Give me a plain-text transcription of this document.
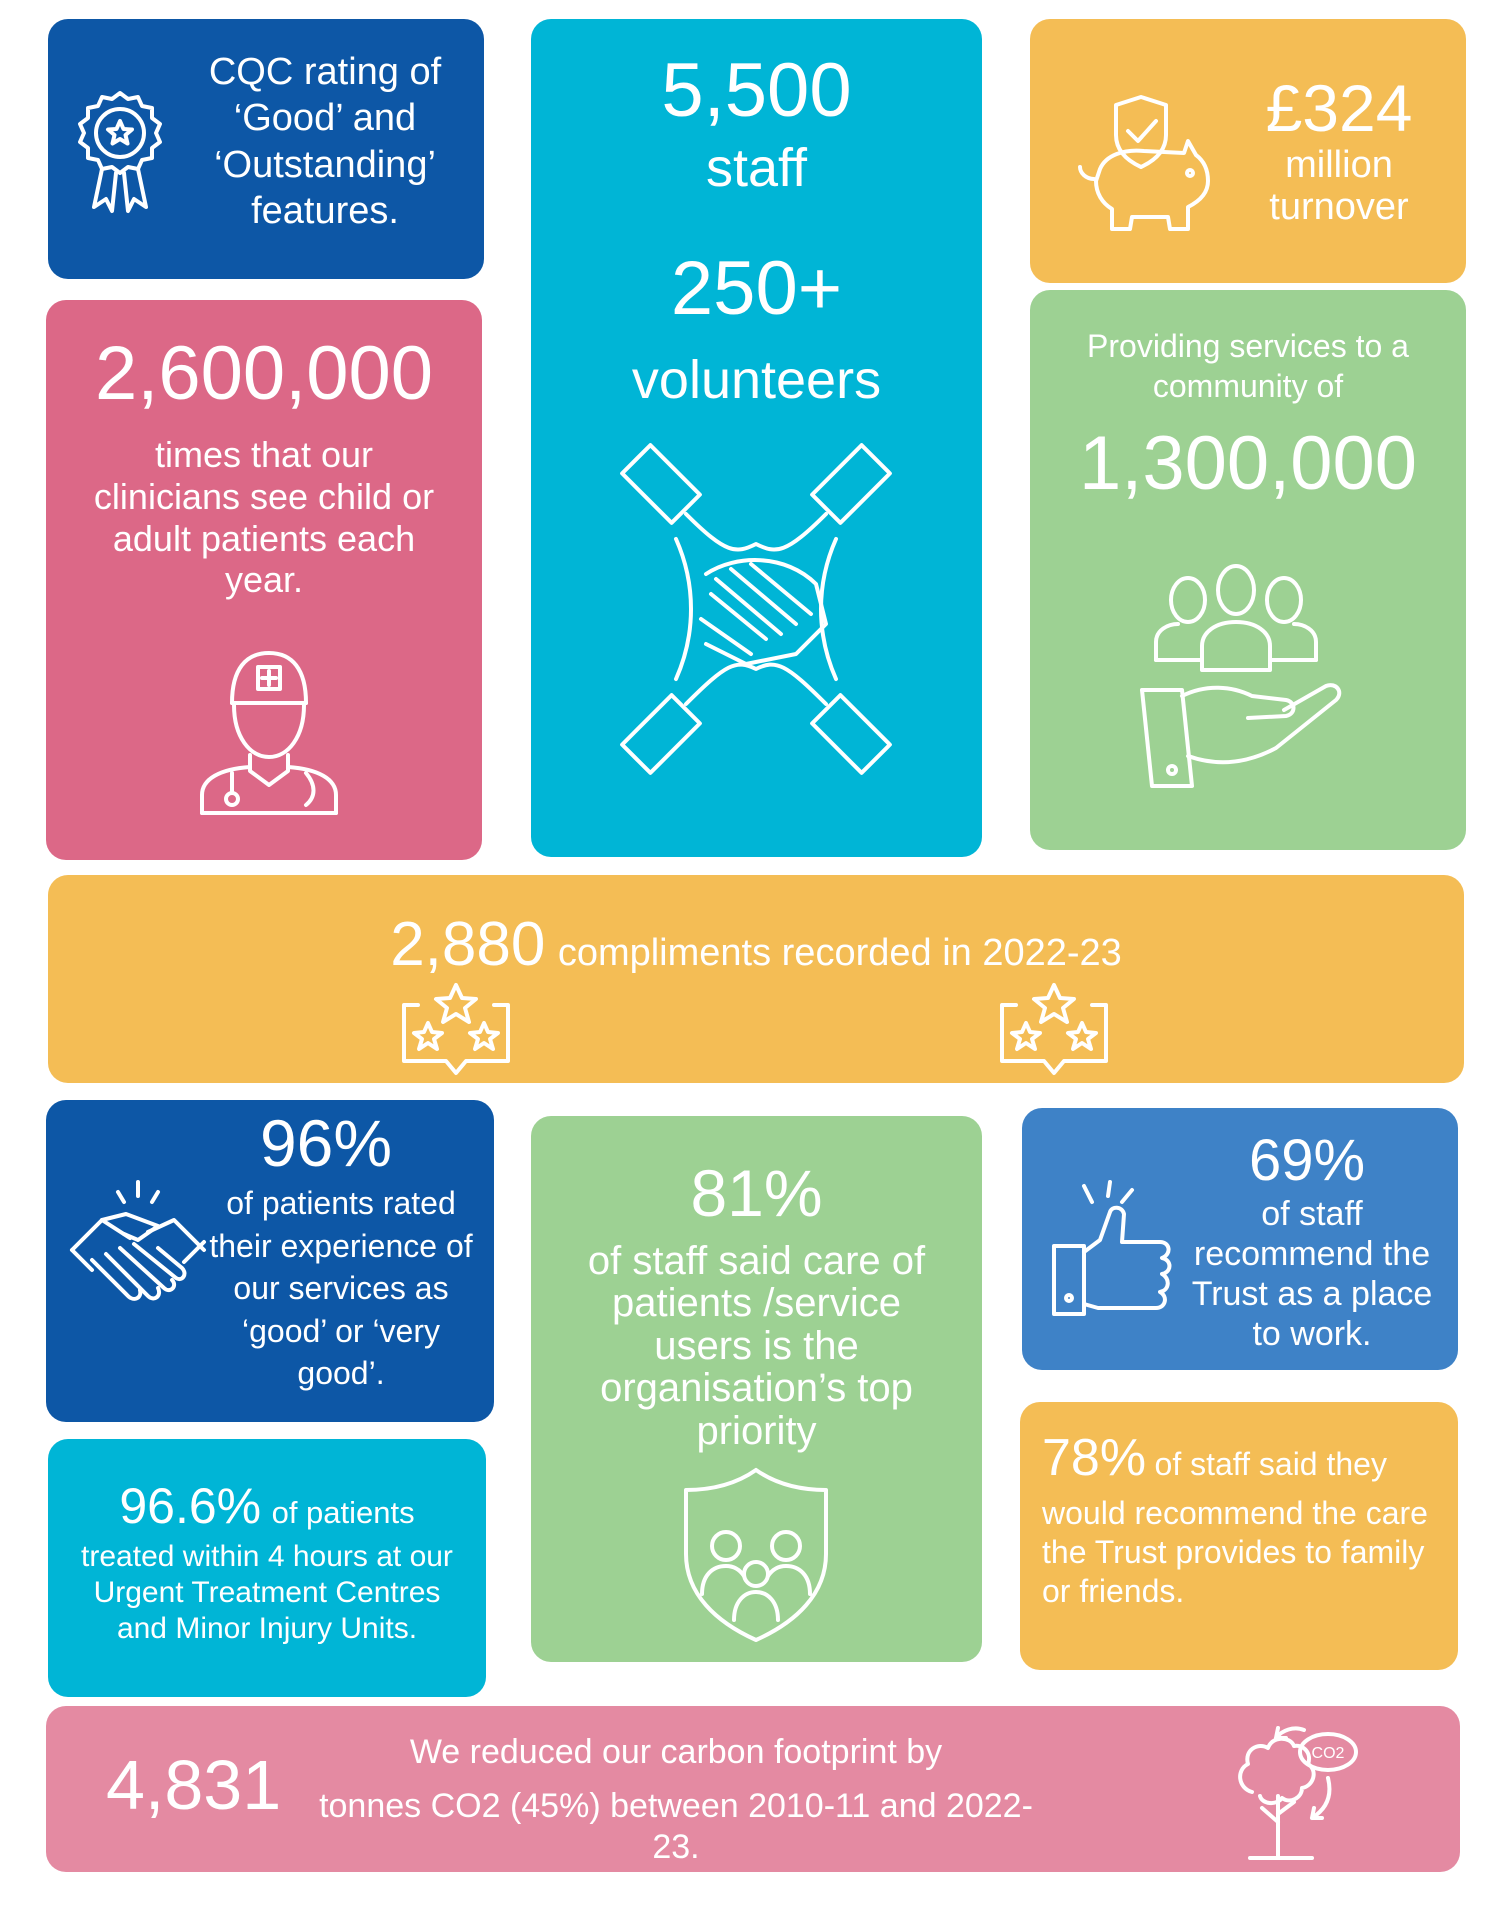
CQC rating of ‘Good’ and ‘Outstanding’ features.
5,500
staff
250+
volunteers
£324
million turnover
2,600,000
times that our clinicians see child or adult patients each year.
Providing services to a community of
1,300,000
2,880 compliments recorded in 2022-23
96%
of patients rated their experience of our services as ‘good’ or ‘very good’.
81%
of staff said care of patients /service users is the organisation’s top priority
69%
of staff recommend the Trust as a place to work.
96.6% of patients
treated within 4 hours at our Urgent Treatment Centres and Minor Injury Units.
78% of staff said they
would recommend the care the Trust provides to family or friends.
4,831	We reduced our carbon footprint by
tonnes CO2 (45%) between 2010-11 and 2022-23.
CO2
